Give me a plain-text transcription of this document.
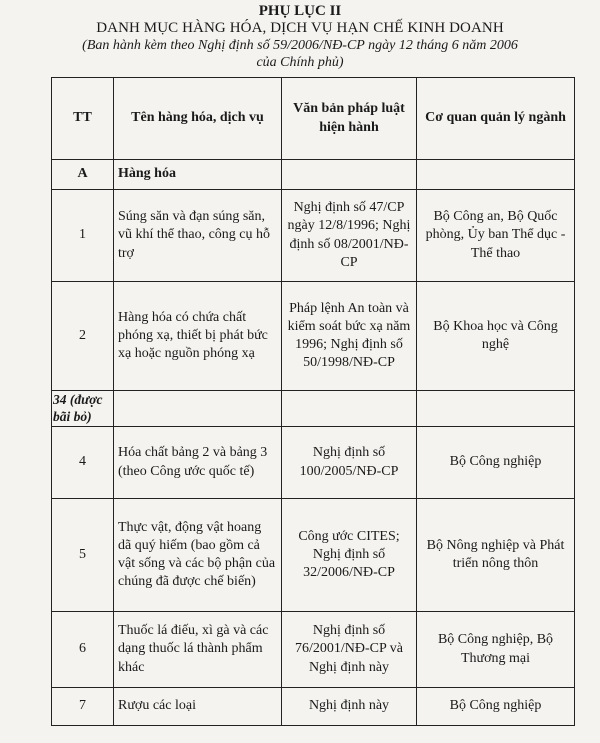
PHỤ LỤC II
DANH MỤC HÀNG HÓA, DỊCH VỤ HẠN CHẾ KINH DOANH
(Ban hành kèm theo Nghị định số 59/2006/NĐ-CP ngày 12 tháng 6 năm 2006
của Chính phủ)
TT	Tên hàng hóa, dịch vụ	Văn bản pháp luật hiện hành	Cơ quan quản lý ngành
A	Hàng hóa		
1	Súng săn và đạn súng săn, vũ khí thể thao, công cụ hỗ trợ	Nghị định số 47/CP ngày 12/8/1996; Nghị định số 08/2001/NĐ-CP	Bộ Công an, Bộ Quốc phòng, Ủy ban Thể dục -Thể thao
2	Hàng hóa có chứa chất phóng xạ, thiết bị phát bức xạ hoặc nguồn phóng xạ	Pháp lệnh An toàn và kiểm soát bức xạ năm 1996; Nghị định số 50/1998/NĐ-CP	Bộ Khoa học và Công nghệ
34 (được bãi bỏ)			
4	Hóa chất bảng 2 và bảng 3 (theo Công ước quốc tế)	Nghị định số 100/2005/NĐ-CP	Bộ Công nghiệp
5	Thực vật, động vật hoang dã quý hiếm (bao gồm cả vật sống và các bộ phận của chúng đã được chế biến)	Công ước CITES; Nghị định số 32/2006/NĐ-CP	Bộ Nông nghiệp và Phát triển nông thôn
6	Thuốc lá điếu, xì gà và các dạng thuốc lá thành phẩm khác	Nghị định số 76/2001/NĐ-CP và Nghị định này	Bộ Công nghiệp, Bộ Thương mại
7	Rượu các loại	Nghị định này	Bộ Công nghiệp
